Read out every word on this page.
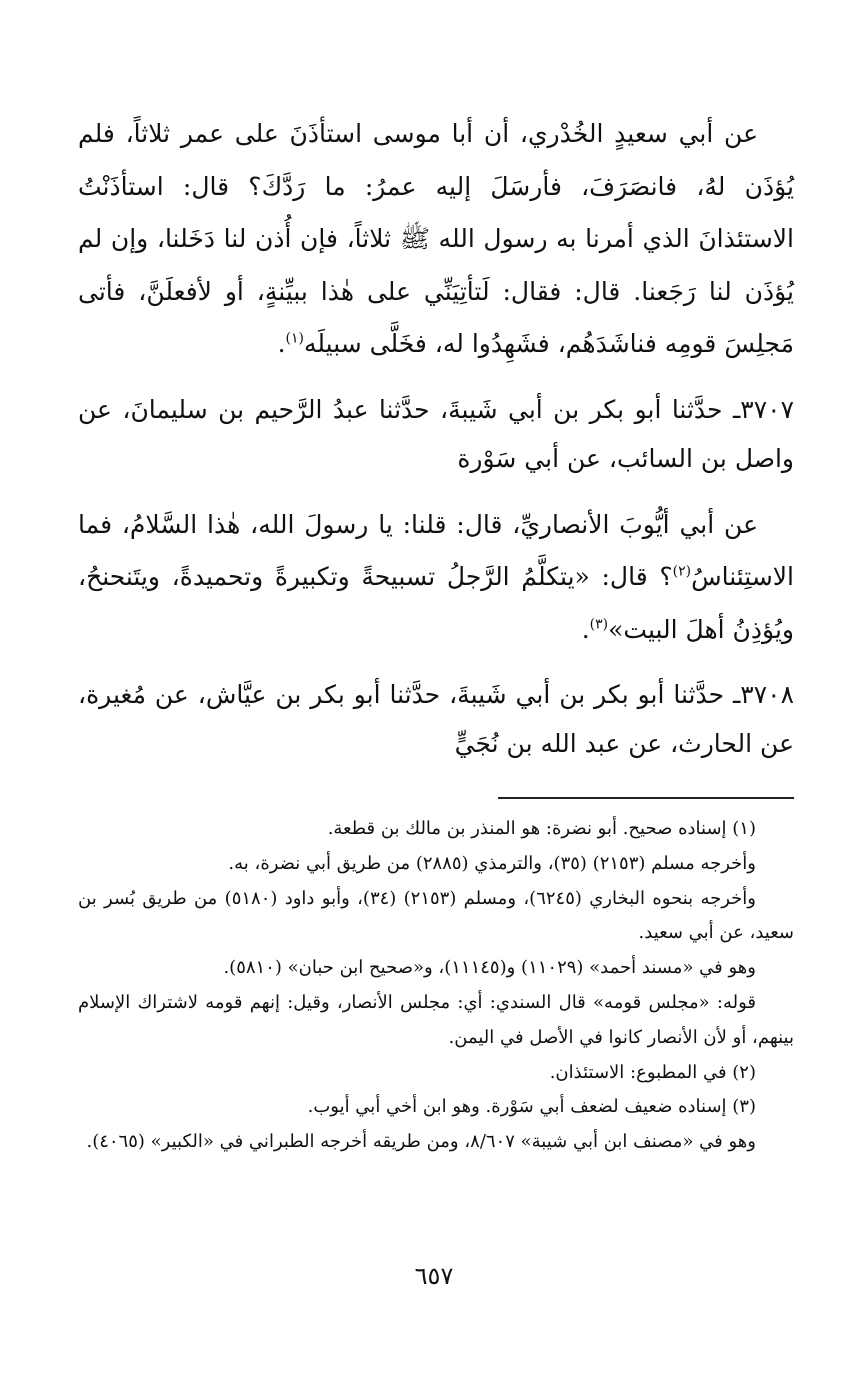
عن أبي سعيدٍ الخُدْري، أن أبا موسى استأذَنَ على عمر ثلاثاً، فلم يُؤذَن لهُ، فانصَرَفَ، فأرسَلَ إليه عمرُ: ما رَدَّكَ؟ قال: استأذَنْتُ الاستئذانَ الذي أمرنا به رسول الله ﷺ ثلاثاً، فإن أُذن لنا دَخَلنا، وإن لم يُؤذَن لنا رَجَعنا. قال: فقال: لَتأتِيَنِّي على هٰذا ببيِّنةٍ، أو لأفعلَنَّ، فأتى مَجلِسَ قومِه فناشَدَهُم، فشَهِدُوا له، فخَلَّى سبيلَه$^{(١)}$.

٣٧٠٧ـ حدَّثنا أبو بكر بن أبي شَيبةَ، حدَّثنا عبدُ الرَّحيم بن سليمانَ، عن واصل بن السائب، عن أبي سَوْرة

عن أبي أيُّوبَ الأنصاريِّ، قال: قلنا: يا رسولَ الله، هٰذا السَّلامُ، فما الاستِئناسُ$^{(٢)}$؟ قال: «يتكلَّمُ الرَّجلُ تسبيحةً وتكبيرةً وتحميدةً، ويتَنحنحُ، ويُؤذِنُ أهلَ البيت»$^{(٣)}$.

٣٧٠٨ـ حدَّثنا أبو بكر بن أبي شَيبةَ، حدَّثنا أبو بكر بن عيَّاش، عن مُغيرة، عن الحارث، عن عبد الله بن نُجَيٍّ

(١) إسناده صحيح. أبو نضرة: هو المنذر بن مالك بن قطعة.

وأخرجه مسلم (٢١٥٣) (٣٥)، والترمذي (٢٨٨٥) من طريق أبي نضرة، به.

وأخرجه بنحوه البخاري (٦٢٤٥)، ومسلم (٢١٥٣) (٣٤)، وأبو داود (٥١٨٠) من طريق بُسر بن سعيد، عن أبي سعيد.

وهو في «مسند أحمد» (١١٠٢٩) و(١١١٤٥)، و«صحيح ابن حبان» (٥٨١٠).

قوله: «مجلس قومه» قال السندي: أي: مجلس الأنصار، وقيل: إنهم قومه لاشتراك الإسلام بينهم، أو لأن الأنصار كانوا في الأصل في اليمن.

(٢) في المطبوع: الاستئذان.

(٣) إسناده ضعيف لضعف أبي سَوْرة. وهو ابن أخي أبي أيوب.

وهو في «مصنف ابن أبي شيبة» ٨/٦٠٧، ومن طريقه أخرجه الطبراني في «الكبير» (٤٠٦٥).

٦٥٧
